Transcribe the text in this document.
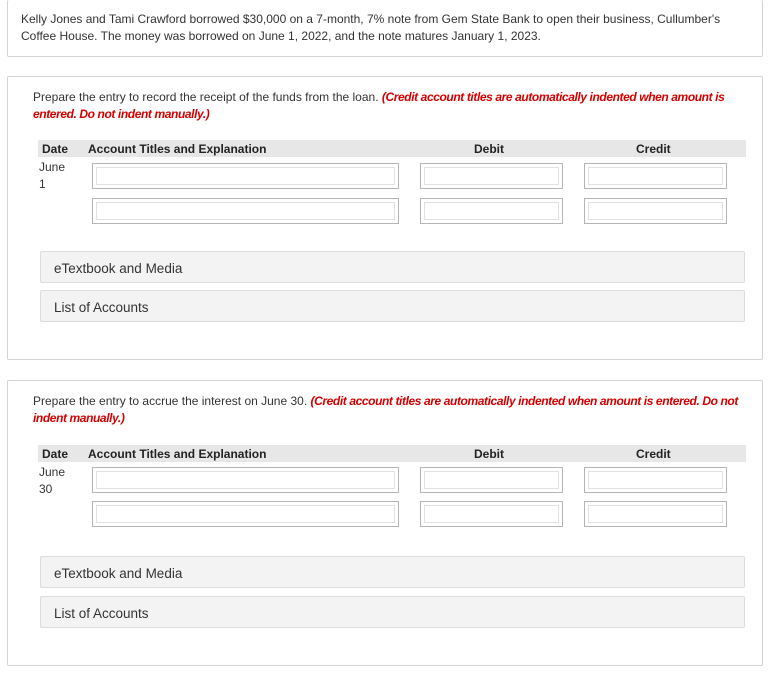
Kelly Jones and Tami Crawford borrowed $30,000 on a 7-month, 7% note from Gem State Bank to open their business, Cullumber's Coffee House. The money was borrowed on June 1, 2022, and the note matures January 1, 2023.

Prepare the entry to record the receipt of the funds from the loan. (Credit account titles are automatically indented when amount is entered. Do not indent manually.)
Date Account Titles and Explanation	Debit	Credit
June
1
eTextbook and Media
List of Accounts
Prepare the entry to accrue the interest on June 30. (Credit account titles are automatically indented when amount is entered. Do not indent manually.)
Date Account Titles and Explanation	Debit	Credit
June
30
eTextbook and Media
List of Accounts
